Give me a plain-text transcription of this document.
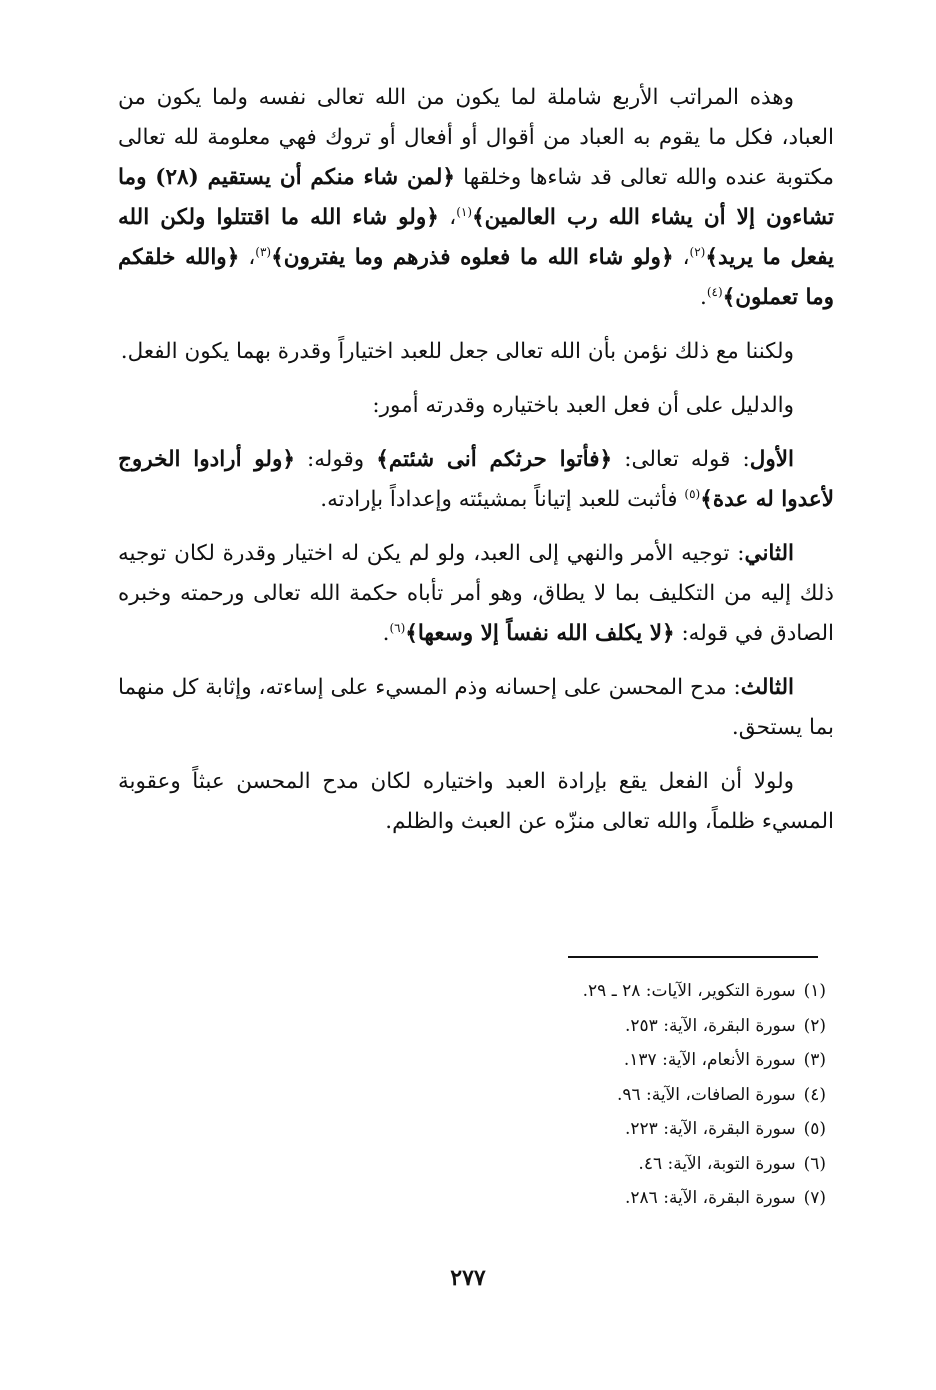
وهذه المراتب الأربع شاملة لما يكون من الله تعالى نفسه ولما يكون من العباد، فكل ما يقوم به العباد من أقوال أو أفعال أو تروك فهي معلومة لله تعالى مكتوبة عنده والله تعالى قد شاءها وخلقها ﴿لمن شاء منكم أن يستقيم (٢٨) وما تشاءون إلا أن يشاء الله رب العالمين﴾$^{(١)}$، ﴿ولو شاء الله ما اقتتلوا ولكن الله يفعل ما يريد﴾$^{(٢)}$، ﴿ولو شاء الله ما فعلوه فذرهم وما يفترون﴾$^{(٣)}$، ﴿والله خلقكم وما تعملون﴾$^{(٤)}$.

ولكننا مع ذلك نؤمن بأن الله تعالى جعل للعبد اختياراً وقدرة بهما يكون الفعل.

والدليل على أن فعل العبد باختياره وقدرته أمور:

الأول: قوله تعالى: ﴿فأتوا حرثكم أنى شئتم﴾ وقوله: ﴿ولو أرادوا الخروج لأعدوا له عدة﴾$^{(٥)}$ فأثبت للعبد إتياناً بمشيئته وإعداداً بإرادته.

الثاني: توجيه الأمر والنهي إلى العبد، ولو لم يكن له اختيار وقدرة لكان توجيه ذلك إليه من التكليف بما لا يطاق، وهو أمر تأباه حكمة الله تعالى ورحمته وخبره الصادق في قوله: ﴿لا يكلف الله نفساً إلا وسعها﴾$^{(٦)}$.

الثالث: مدح المحسن على إحسانه وذم المسيء على إساءته، وإثابة كل منهما بما يستحق.

ولولا أن الفعل يقع بإرادة العبد واختياره لكان مدح المحسن عبثاً وعقوبة المسيء ظلماً، والله تعالى منزّه عن العبث والظلم.

(١)سورة التكوير، الآيات: ٢٨ ـ ٢٩.
(٢)سورة البقرة، الآية: ٢٥٣.
(٣)سورة الأنعام، الآية: ١٣٧.
(٤)سورة الصافات، الآية: ٩٦.
(٥)سورة البقرة، الآية: ٢٢٣.
(٦)سورة التوبة، الآية: ٤٦.
(٧)سورة البقرة، الآية: ٢٨٦.
٢٧٧
